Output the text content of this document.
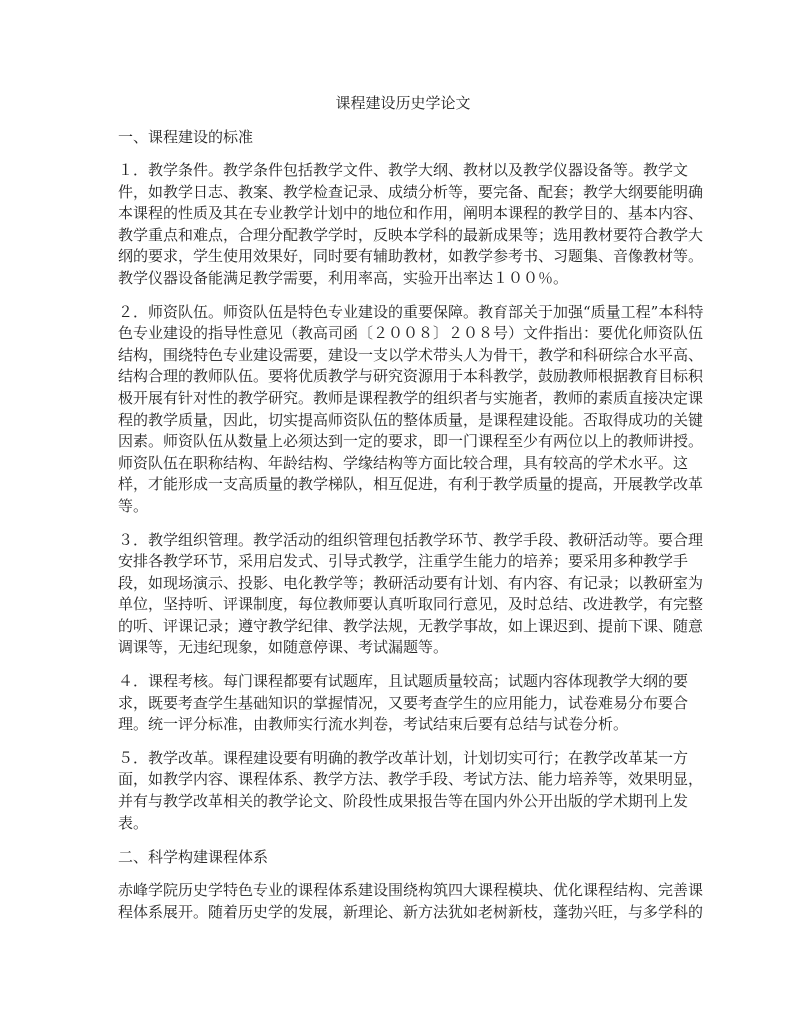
课程建设历史学论文
一、课程建设的标准
１．教学条件。教学条件包括教学文件、教学大纲、教材以及教学仪器设备等。教学文
件，如教学日志、教案、教学检查记录、成绩分析等，要完备、配套；教学大纲要能明确
本课程的性质及其在专业教学计划中的地位和作用，阐明本课程的教学目的、基本内容、
教学重点和难点，合理分配教学学时，反映本学科的最新成果等；选用教材要符合教学大
纲的要求，学生使用效果好，同时要有辅助教材，如教学参考书、习题集、音像教材等。
教学仪器设备能满足教学需要，利用率高，实验开出率达１００％。
２．师资队伍。师资队伍是特色专业建设的重要保障。教育部关于加强“质量工程”本科特
色专业建设的指导性意见（教高司函〔２００８〕２０８号）文件指出：要优化师资队伍
结构，围绕特色专业建设需要，建设一支以学术带头人为骨干，教学和科研综合水平高、
结构合理的教师队伍。要将优质教学与研究资源用于本科教学，鼓励教师根据教育目标积
极开展有针对性的教学研究。教师是课程教学的组织者与实施者，教师的素质直接决定课
程的教学质量，因此，切实提高师资队伍的整体质量，是课程建设能。否取得成功的关键
因素。师资队伍从数量上必须达到一定的要求，即一门课程至少有两位以上的教师讲授。
师资队伍在职称结构、年龄结构、学缘结构等方面比较合理，具有较高的学术水平。这
样，才能形成一支高质量的教学梯队，相互促进，有利于教学质量的提高，开展教学改革
等。
３．教学组织管理。教学活动的组织管理包括教学环节、教学手段、教研活动等。要合理
安排各教学环节，采用启发式、引导式教学，注重学生能力的培养；要采用多种教学手
段，如现场演示、投影、电化教学等；教研活动要有计划、有内容、有记录；以教研室为
单位，坚持听、评课制度，每位教师要认真听取同行意见，及时总结、改进教学，有完整
的听、评课记录；遵守教学纪律、教学法规，无教学事故，如上课迟到、提前下课、随意
调课等，无违纪现象，如随意停课、考试漏题等。
４．课程考核。每门课程都要有试题库，且试题质量较高；试题内容体现教学大纲的要
求，既要考查学生基础知识的掌握情况，又要考查学生的应用能力，试卷难易分布要合
理。统一评分标准，由教师实行流水判卷，考试结束后要有总结与试卷分析。
５．教学改革。课程建设要有明确的教学改革计划，计划切实可行；在教学改革某一方
面，如教学内容、课程体系、教学方法、教学手段、考试方法、能力培养等，效果明显，
并有与教学改革相关的教学论文、阶段性成果报告等在国内外公开出版的学术期刊上发
表。
二、科学构建课程体系
赤峰学院历史学特色专业的课程体系建设围绕构筑四大课程模块、优化课程结构、完善课
程体系展开。随着历史学的发展，新理论、新方法犹如老树新枝，蓬勃兴旺，与多学科的
